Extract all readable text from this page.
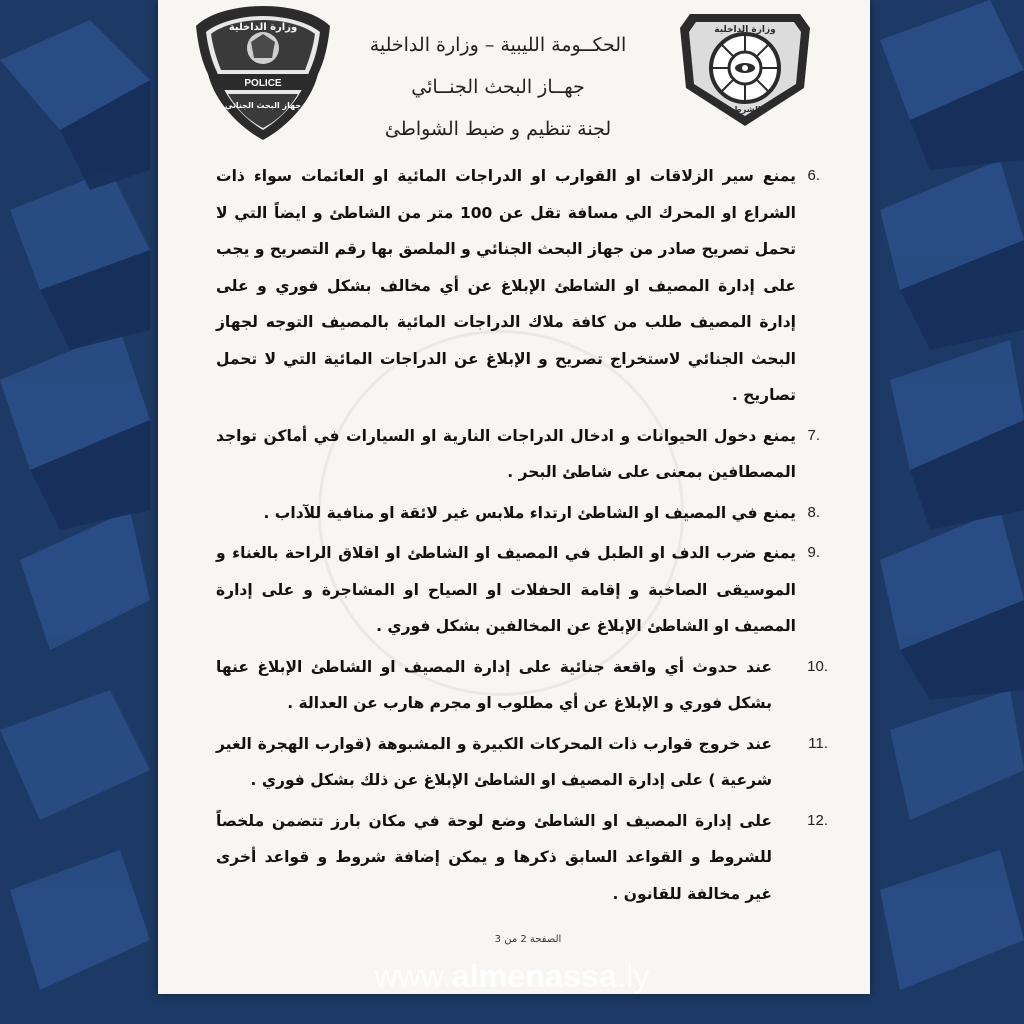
وزارة الداخلية
POLICE
جهاز البحث الجنائي
الحكــومة الليبية – وزارة الداخلية
جهــاز البحث الجنــائي
لجنة تنظيم و ضبط الشواطئ
وزارة الداخلية
الشرطة
6.
يمنع سير الزلاقات او القوارب او الدراجات المائية او العائمات سواء ذات الشراع او المحرك الي مسافة تقل عن 100 متر من الشاطئ و ايضاً التي لا تحمل تصريح صادر من جهاز البحث الجنائي و الملصق بها رقم التصريح و يجب على إدارة المصيف او الشاطئ الإبلاغ عن أي مخالف بشكل فوري و على إدارة المصيف طلب من كافة ملاك الدراجات المائية بالمصيف التوجه لجهاز البحث الجنائي لاستخراج تصريح و الإبلاغ عن الدراجات المائية التي لا تحمل تصاريح .
7.
يمنع دخول الحيوانات و ادخال الدراجات النارية او السيارات في أماكن تواجد المصطافين بمعنى على شاطئ البحر .
8.
يمنع في المصيف او الشاطئ ارتداء ملابس غير لائقة او منافية للآداب .
9.
يمنع ضرب الدف او الطبل في المصيف او الشاطئ او اقلاق الراحة بالغناء و الموسيقى الصاخبة و إقامة الحفلات او الصياح او المشاجرة و على إدارة المصيف او الشاطئ الإبلاغ عن المخالفين بشكل فوري .
10.
عند حدوث أي واقعة جنائية على إدارة المصيف او الشاطئ الإبلاغ عنها بشكل فوري و الإبلاغ عن أي مطلوب او مجرم هارب عن العدالة .
11.
عند خروج قوارب ذات المحركات الكبيرة و المشبوهة (قوارب الهجرة الغير شرعية ) على إدارة المصيف او الشاطئ الإبلاغ عن ذلك بشكل فوري .
12.
على إدارة المصيف او الشاطئ وضع لوحة في مكان بارز تتضمن ملخصاً للشروط و القواعد السابق ذكرها و يمكن إضافة شروط و قواعد أخرى غير مخالفة للقانون .
الصفحة 2 من 3
www.almenassa.ly
